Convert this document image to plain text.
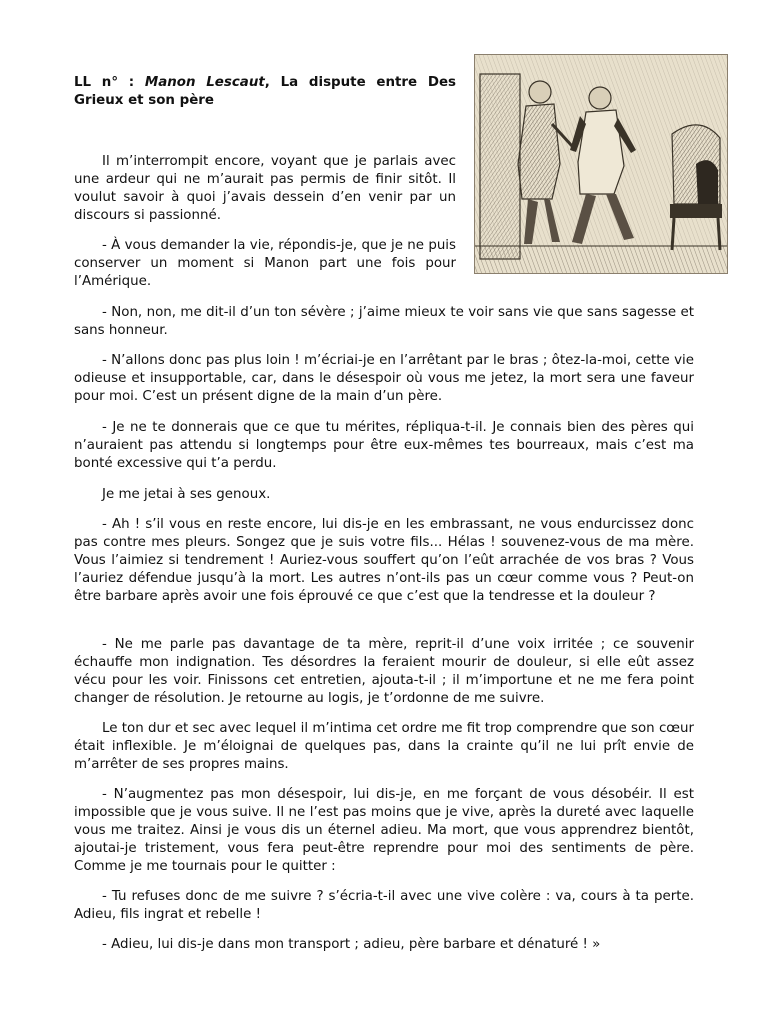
LL n° : Manon Lescaut, La dispute entre Des Grieux et son père

Il m’interrompit encore, voyant que je parlais avec une ardeur qui ne m’aurait pas permis de finir sitôt. Il voulut savoir à quoi j’avais dessein d’en venir par un discours si passionné.

- À vous demander la vie, répondis-je, que je ne puis conserver un moment si Manon part une fois pour l’Amérique.

- Non, non, me dit-il d’un ton sévère ; j’aime mieux te voir sans vie que sans sagesse et sans honneur.

- N’allons donc pas plus loin ! m’écriai-je en l’arrêtant par le bras ; ôtez-la-moi, cette vie odieuse et insupportable, car, dans le désespoir où vous me jetez, la mort sera une faveur pour moi. C’est un présent digne de la main d’un père.

- Je ne te donnerais que ce que tu mérites, répliqua-t-il. Je connais bien des pères qui n’auraient pas attendu si longtemps pour être eux-mêmes tes bourreaux, mais c’est ma bonté excessive qui t’a perdu.

Je me jetai à ses genoux.

- Ah ! s’il vous en reste encore, lui dis-je en les embrassant, ne vous endurcissez donc pas contre mes pleurs. Songez que je suis votre fils... Hélas ! souvenez-vous de ma mère. Vous l’aimiez si tendrement ! Auriez-vous souffert qu’on l’eût arrachée de vos bras ? Vous l’auriez défendue jusqu’à la mort. Les autres n’ont-ils pas un cœur comme vous ? Peut-on être barbare après avoir une fois éprouvé ce que c’est que la tendresse et la douleur ?

- Ne me parle pas davantage de ta mère, reprit-il d’une voix irritée ; ce souvenir échauffe mon indignation. Tes désordres la feraient mourir de douleur, si elle eût assez vécu pour les voir. Finissons cet entretien, ajouta-t-il ; il m’importune et ne me fera point changer de résolution. Je retourne au logis, je t’ordonne de me suivre.

Le ton dur et sec avec lequel il m’intima cet ordre me fit trop comprendre que son cœur était inflexible. Je m’éloignai de quelques pas, dans la crainte qu’il ne lui prît envie de m’arrêter de ses propres mains.

- N’augmentez pas mon désespoir, lui dis-je, en me forçant de vous désobéir. Il est impossible que je vous suive. Il ne l’est pas moins que je vive, après la dureté avec laquelle vous me traitez. Ainsi je vous dis un éternel adieu. Ma mort, que vous apprendrez bientôt, ajoutai-je tristement, vous fera peut-être reprendre pour moi des sentiments de père. Comme je me tournais pour le quitter :

- Tu refuses donc de me suivre ? s’écria-t-il avec une vive colère : va, cours à ta perte. Adieu, fils ingrat et rebelle !

- Adieu, lui dis-je dans mon transport ; adieu, père barbare et dénaturé ! »
